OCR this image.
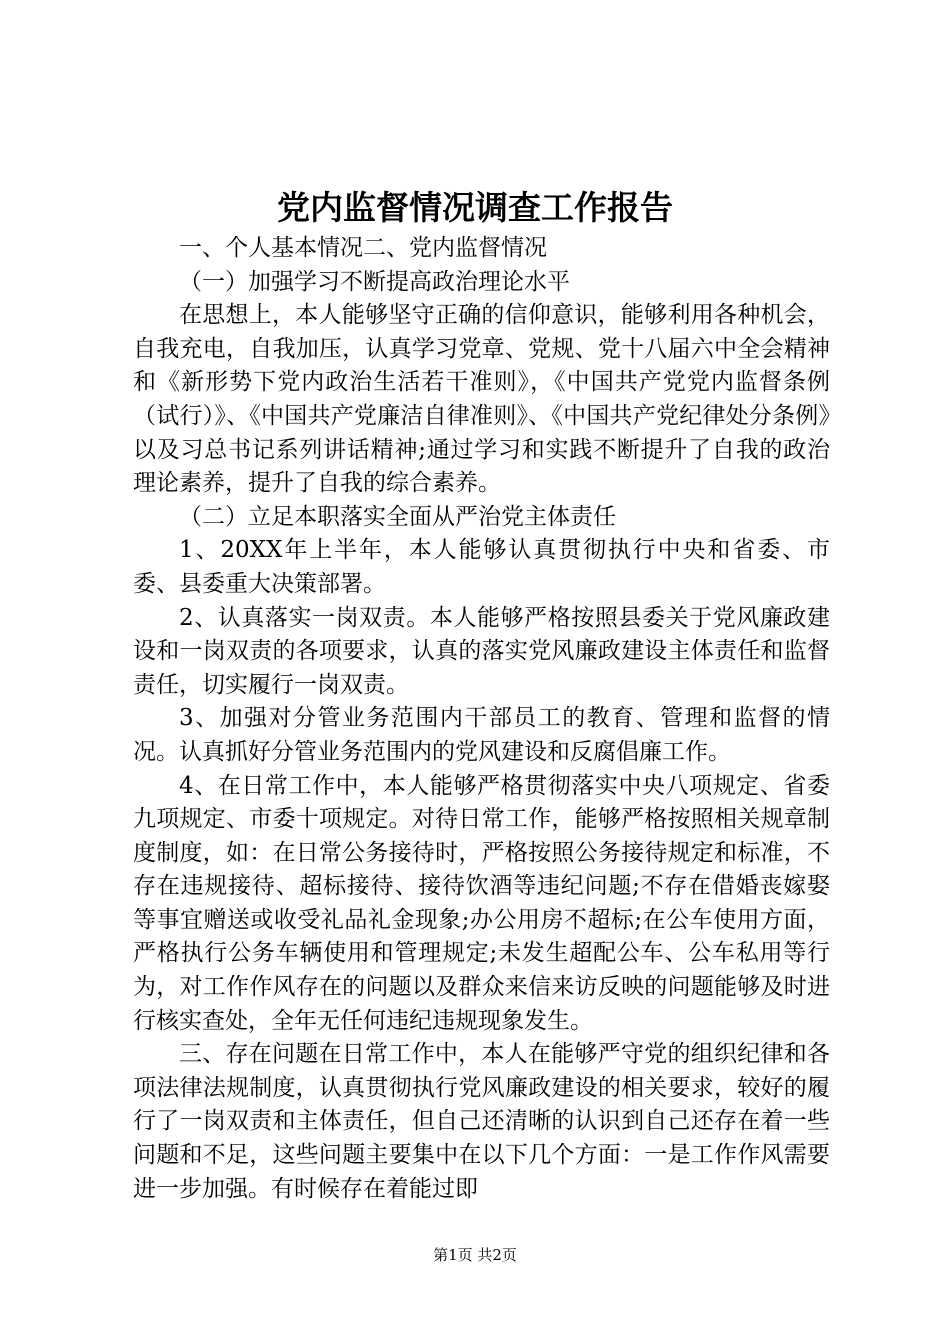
党内监督情况调查工作报告

一、个人基本情况二、党内监督情况

（一）加强学习不断提高政治理论水平

在思想上，本人能够坚守正确的信仰意识，能够利用各种机会，自我充电，自我加压，认真学习党章、党规、党十八届六中全会精神和《新形势下党内政治生活若干准则》，《中国共产党党内监督条例（试行）》、《中国共产党廉洁自律准则》、《中国共产党纪律处分条例》以及习总书记系列讲话精神;通过学习和实践不断提升了自我的政治理论素养，提升了自我的综合素养。

（二）立足本职落实全面从严治党主体责任

1、20XX年上半年，本人能够认真贯彻执行中央和省委、市委、县委重大决策部署。

2、认真落实一岗双责。本人能够严格按照县委关于党风廉政建设和一岗双责的各项要求，认真的落实党风廉政建设主体责任和监督责任，切实履行一岗双责。

3、加强对分管业务范围内干部员工的教育、管理和监督的情况。认真抓好分管业务范围内的党风建设和反腐倡廉工作。

4、在日常工作中，本人能够严格贯彻落实中央八项规定、省委九项规定、市委十项规定。对待日常工作，能够严格按照相关规章制度制度，如：在日常公务接待时，严格按照公务接待规定和标准，不存在违规接待、超标接待、接待饮酒等违纪问题;不存在借婚丧嫁娶等事宜赠送或收受礼品礼金现象;办公用房不超标;在公车使用方面，严格执行公务车辆使用和管理规定;未发生超配公车、公车私用等行为，对工作作风存在的问题以及群众来信来访反映的问题能够及时进行核实查处，全年无任何违纪违规现象发生。

三、存在问题在日常工作中，本人在能够严守党的组织纪律和各项法律法规制度，认真贯彻执行党风廉政建设的相关要求，较好的履行了一岗双责和主体责任，但自己还清晰的认识到自己还存在着一些问题和不足，这些问题主要集中在以下几个方面：一是工作作风需要进一步加强。有时候存在着能过即

第1页 共2页
